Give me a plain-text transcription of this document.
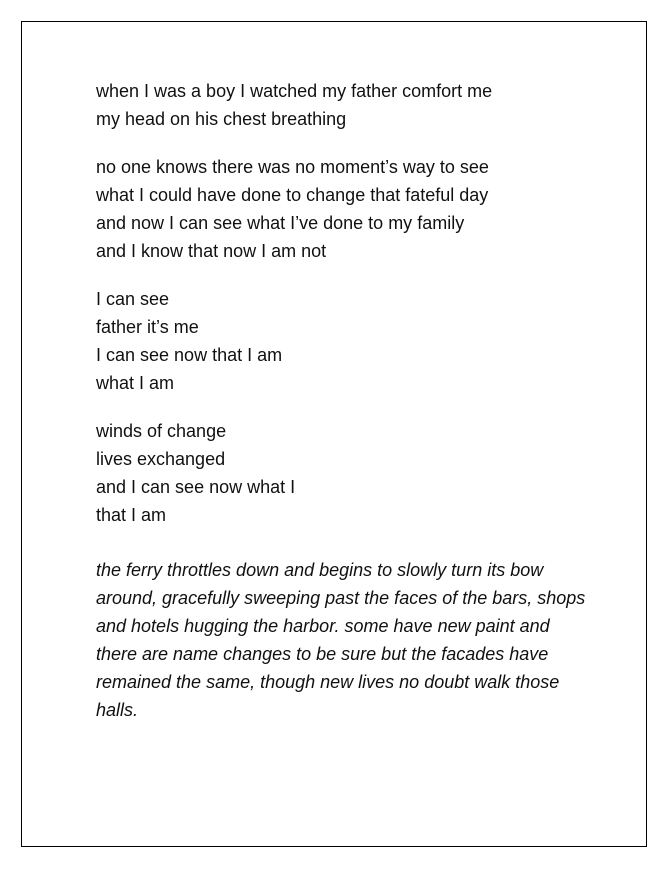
when I was a boy I watched my father comfort me
my head on his chest breathing
no one knows there was no moment’s way to see
what I could have done to change that fateful day
and now I can see what I’ve done to my family
and I know that now I am not
I can see
father it’s me
I can see now that I am
what I am
winds of change
lives exchanged
and I can see now what I
that I am

the ferry throttles down and begins to slowly turn its bow around, gracefully sweeping past the faces of the bars, shops and hotels hugging the harbor. some have new paint and there are name changes to be sure but the facades have remained the same, though new lives no doubt walk those halls.
